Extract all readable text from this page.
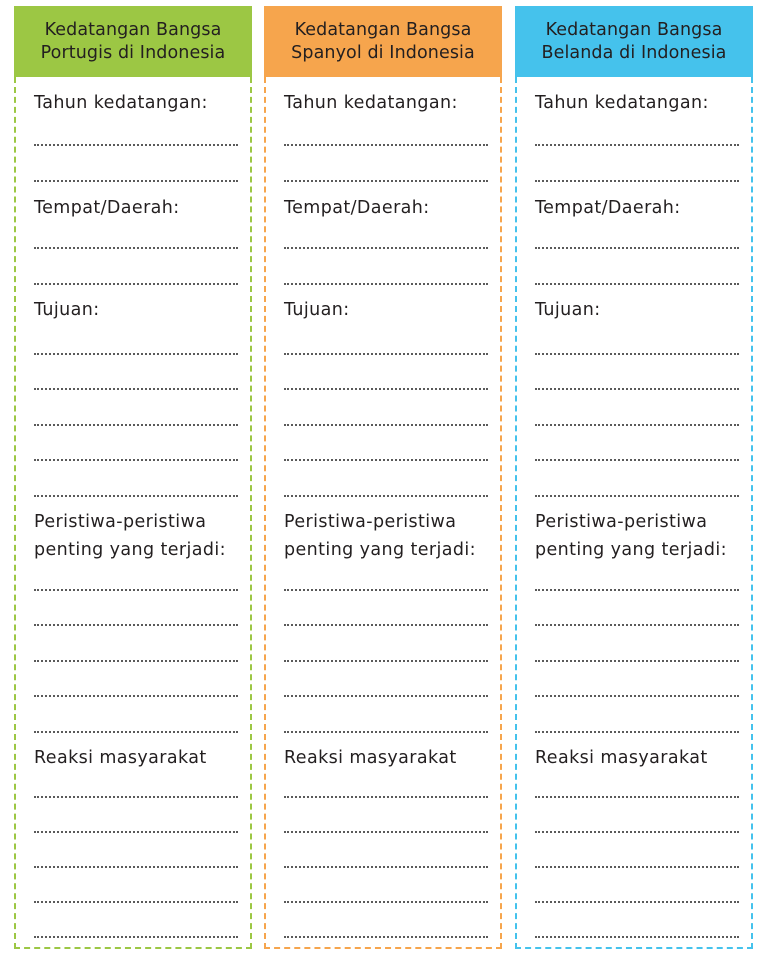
Kedatangan Bangsa
Portugis di Indonesia
Tahun kedatangan:
Tempat/Daerah:
Tujuan:
Peristiwa-peristiwa
penting yang terjadi:
Reaksi masyarakat
Kedatangan Bangsa
Spanyol di Indonesia
Tahun kedatangan:
Tempat/Daerah:
Tujuan:
Peristiwa-peristiwa
penting yang terjadi:
Reaksi masyarakat
Kedatangan Bangsa
Belanda di Indonesia
Tahun kedatangan:
Tempat/Daerah:
Tujuan:
Peristiwa-peristiwa
penting yang terjadi:
Reaksi masyarakat
